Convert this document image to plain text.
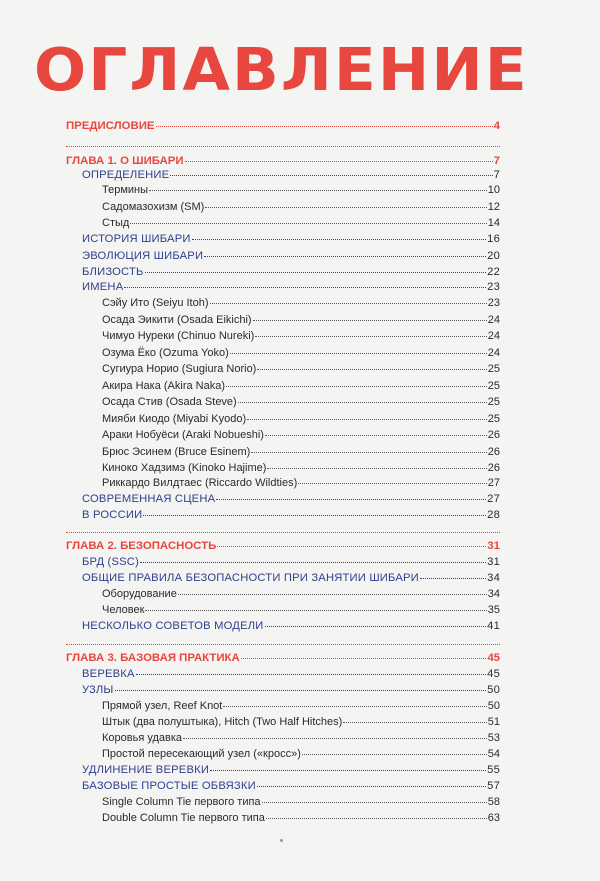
ОГЛАВЛЕНИЕ
ПРЕДИСЛОВИЕ	4
ГЛАВА 1. О ШИБАРИ	7
ОПРЕДЕЛЕНИЕ	7
Термины	10
Садомазохизм (SM)	12
Стыд	14
ИСТОРИЯ ШИБАРИ	16
ЭВОЛЮЦИЯ ШИБАРИ	20
БЛИЗОСТЬ	22
ИМЕНА	23
Сэйу Ито (Seiyu Itoh)	23
Осада Эикити (Osada Eikichi)	24
Чимуо Нуреки (Chinuo Nureki)	24
Озума Ёко (Ozuma Yoko)	24
Сугиура Норио (Sugiura Norio)	25
Акира Нака (Akira Naka)	25
Осада Стив (Osada Steve)	25
Мияби Киодо (Miyabi Kyodo)	25
Араки Нобуёси (Araki Nobueshi)	26
Брюс Эсинем (Bruce Esinem)	26
Киноко Хадзимэ (Kinoko Hajime)	26
Риккардо Вилдтаес (Riccardo Wildties)	27
СОВРЕМЕННАЯ СЦЕНА	27
В РОССИИ	28
ГЛАВА 2. БЕЗОПАСНОСТЬ	31
БРД (SSC)	31
ОБЩИЕ ПРАВИЛА БЕЗОПАСНОСТИ ПРИ ЗАНЯТИИ ШИБАРИ	34
Оборудование	34
Человек	35
НЕСКОЛЬКО СОВЕТОВ МОДЕЛИ	41
ГЛАВА 3. БАЗОВАЯ ПРАКТИКА	45
ВЕРЕВКА	45
УЗЛЫ	50
Прямой узел, Reef Knot	50
Штык (два полуштыка), Hitch (Two Half Hitches)	51
Коровья удавка	53
Простой пересекающий узел («кросс»)	54
УДЛИНЕНИЕ ВЕРЕВКИ	55
БАЗОВЫЕ ПРОСТЫЕ ОБВЯЗКИ	57
Single Column Tie первого типа	58
Double Column Tie первого типа	63
